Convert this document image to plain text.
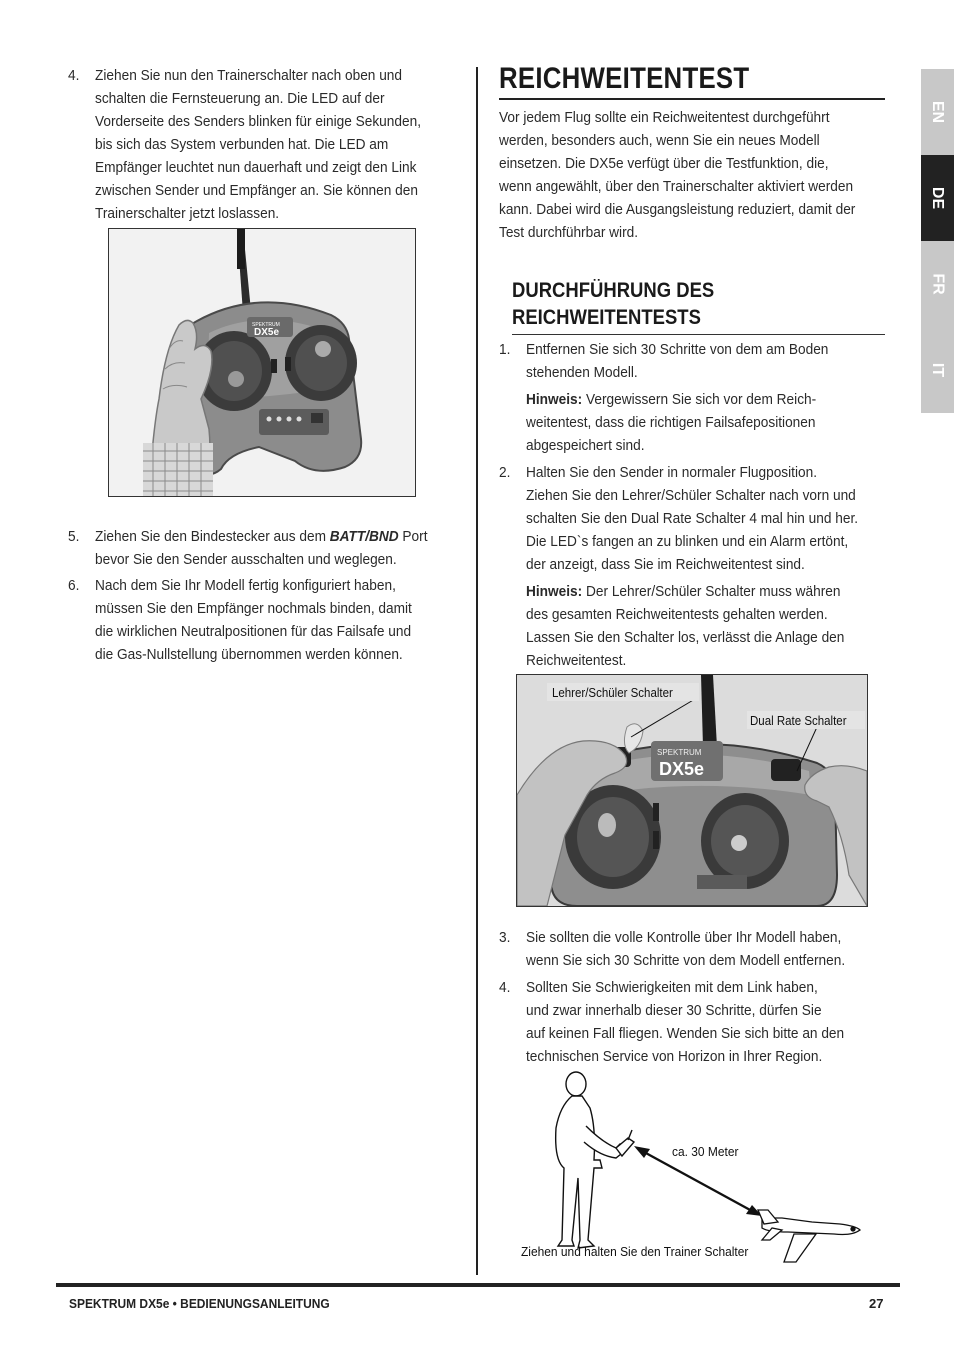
4. Ziehen Sie nun den Trainerschalter nach oben und
schalten die Fernsteuerung an. Die LED auf der
Vorderseite des Senders blinken für einige Sekunden,
bis sich das System verbunden hat. Die LED am
Empfänger leuchtet nun dauerhaft und zeigt den Link
zwischen Sender und Empfänger an. Sie können den
Trainerschalter jetzt loslassen.
5. Ziehen Sie den Bindestecker aus dem BATT/BND Port
bevor Sie den Sender ausschalten und weglegen.
6. Nach dem Sie Ihr Modell fertig konfiguriert haben,
müssen Sie den Empfänger nochmals binden, damit
die wirklichen Neutralpositionen für das Failsafe und
die Gas-Nullstellung übernommen werden können.
SPEKTRUM
DX5e
REICHWEITENTEST
Vor jedem Flug sollte ein Reichweitentest durchgeführt
werden, besonders auch, wenn Sie ein neues Modell
einsetzen. Die DX5e verfügt über die Testfunktion, die,
wenn angewählt, über den Trainerschalter aktiviert werden
kann. Dabei wird die Ausgangsleistung reduziert, damit der
Test durchführbar wird.
DURCHFÜHRUNG DES
REICHWEITENTESTS
1. Entfernen Sie sich 30 Schritte von dem am Boden
stehenden Modell.
Hinweis: Vergewissern Sie sich vor dem Reich-
weitentest, dass die richtigen Failsafepositionen
abgespeichert sind.
2. Halten Sie den Sender in normaler Flugposition.
Ziehen Sie den Lehrer/Schüler Schalter nach vorn und
schalten Sie den Dual Rate Schalter 4 mal hin und her.
Die LED`s fangen an zu blinken und ein Alarm ertönt,
der anzeigt, dass Sie im Reichweitentest sind.
Hinweis: Der Lehrer/Schüler Schalter muss währen
des gesamten Reichweitentests gehalten werden.
Lassen Sie den Schalter los, verlässt die Anlage den
Reichweitentest.
SPEKTRUM
DX5e
Lehrer/Schüler Schalter
Dual Rate Schalter
3. Sie sollten die volle Kontrolle über Ihr Modell haben,
wenn Sie sich 30 Schritte von dem Modell entfernen.
4. Sollten Sie Schwierigkeiten mit dem Link haben,
und zwar innerhalb dieser 30 Schritte, dürfen Sie
auf keinen Fall fliegen. Wenden Sie sich bitte an den
technischen Service von Horizon in Ihrer Region.
ca. 30 Meter
Ziehen und halten Sie den Trainer Schalter
EN
DE
FR
IT
SPEKTRUM DX5e • BEDIENUNGSANLEITUNG	27
